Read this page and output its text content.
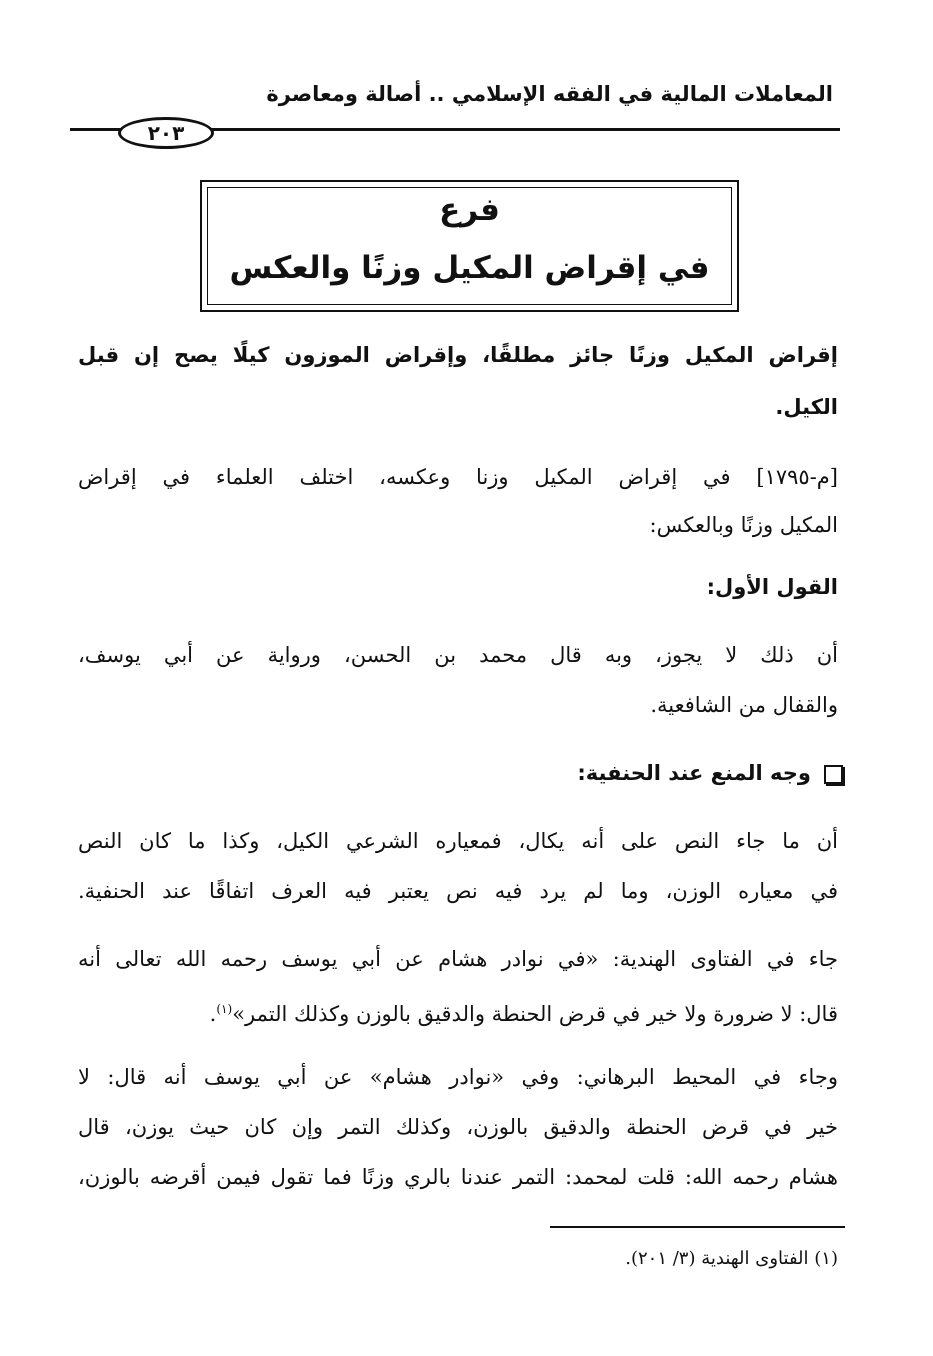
المعاملات المالية في الفقه الإسلامي .. أصالة ومعاصرة
٢٠٣
فرع
في إقراض المكيل وزنًا والعكس
إقراض المكيل وزنًا جائز مطلقًا، وإقراض الموزون كيلًا يصح إن قبل
الكيل.
[م-١٧٩٥] في إقراض المكيل وزنا وعكسه، اختلف العلماء في إقراض
المكيل وزنًا وبالعكس:
القول الأول:
أن ذلك لا يجوز، وبه قال محمد بن الحسن، ورواية عن أبي يوسف،
والقفال من الشافعية.
وجه المنع عند الحنفية:
أن ما جاء النص على أنه يكال، فمعياره الشرعي الكيل، وكذا ما كان النص
في معياره الوزن، وما لم يرد فيه نص يعتبر فيه العرف اتفاقًا عند الحنفية.
جاء في الفتاوى الهندية: «في نوادر هشام عن أبي يوسف رحمه الله تعالى أنه
قال: لا ضرورة ولا خير في قرض الحنطة والدقيق بالوزن وكذلك التمر»$^{(١)}$.
وجاء في المحيط البرهاني: وفي «نوادر هشام» عن أبي يوسف أنه قال: لا
خير في قرض الحنطة والدقيق بالوزن، وكذلك التمر وإن كان حيث يوزن، قال
هشام رحمه الله: قلت لمحمد: التمر عندنا بالري وزنًا فما تقول فيمن أقرضه بالوزن،
(١) الفتاوى الهندية (٣/ ٢٠١).
